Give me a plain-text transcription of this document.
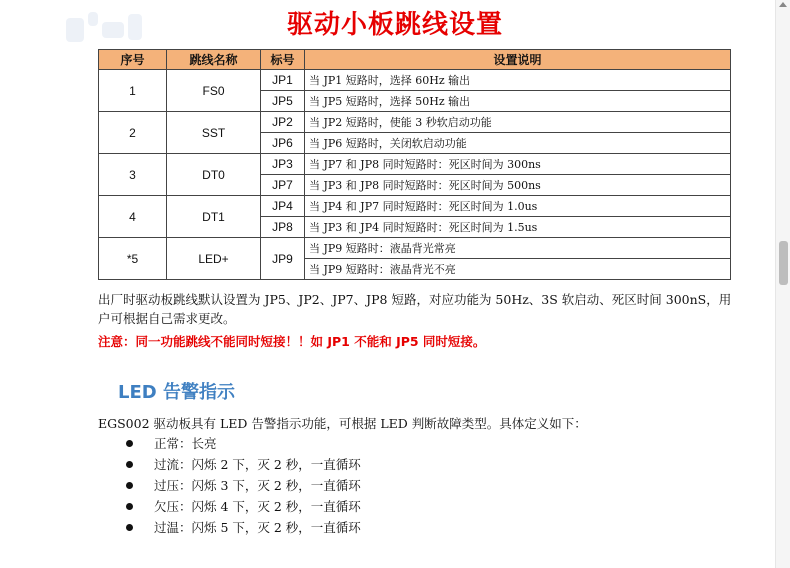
驱动小板跳线设置
序号	跳线名称	标号	设置说明
1	FS0	JP1	当 JP1 短路时，选择 60Hz 输出
		JP5	当 JP5 短路时，选择 50Hz 输出
2	SST	JP2	当 JP2 短路时，使能 3 秒软启动功能
		JP6	当 JP6 短路时，关闭软启动功能
3	DT0	JP3	当 JP7 和 JP8 同时短路时：死区时间为 300ns
		JP7	当 JP3 和 JP8 同时短路时：死区时间为 500ns
4	DT1	JP4	当 JP4 和 JP7 同时短路时：死区时间为 1.0us
		JP8	当 JP3 和 JP4 同时短路时：死区时间为 1.5us
*5	LED+	JP9	当 JP9 短路时：液晶背光常亮
			当 JP9 短路时：液晶背光不亮
出厂时驱动板跳线默认设置为 JP5、JP2、JP7、JP8 短路，对应功能为 50Hz、3S 软启动、死区时间 300nS，用户可根据自己需求更改。
注意：同一功能跳线不能同时短接！！如 JP1 不能和 JP5 同时短接。
LED 告警指示
EGS002 驱动板具有 LED 告警指示功能，可根据 LED 判断故障类型。具体定义如下：
正常：长亮
过流：闪烁 2 下，灭 2 秒，一直循环
过压：闪烁 3 下，灭 2 秒，一直循环
欠压：闪烁 4 下，灭 2 秒，一直循环
过温：闪烁 5 下，灭 2 秒，一直循环
